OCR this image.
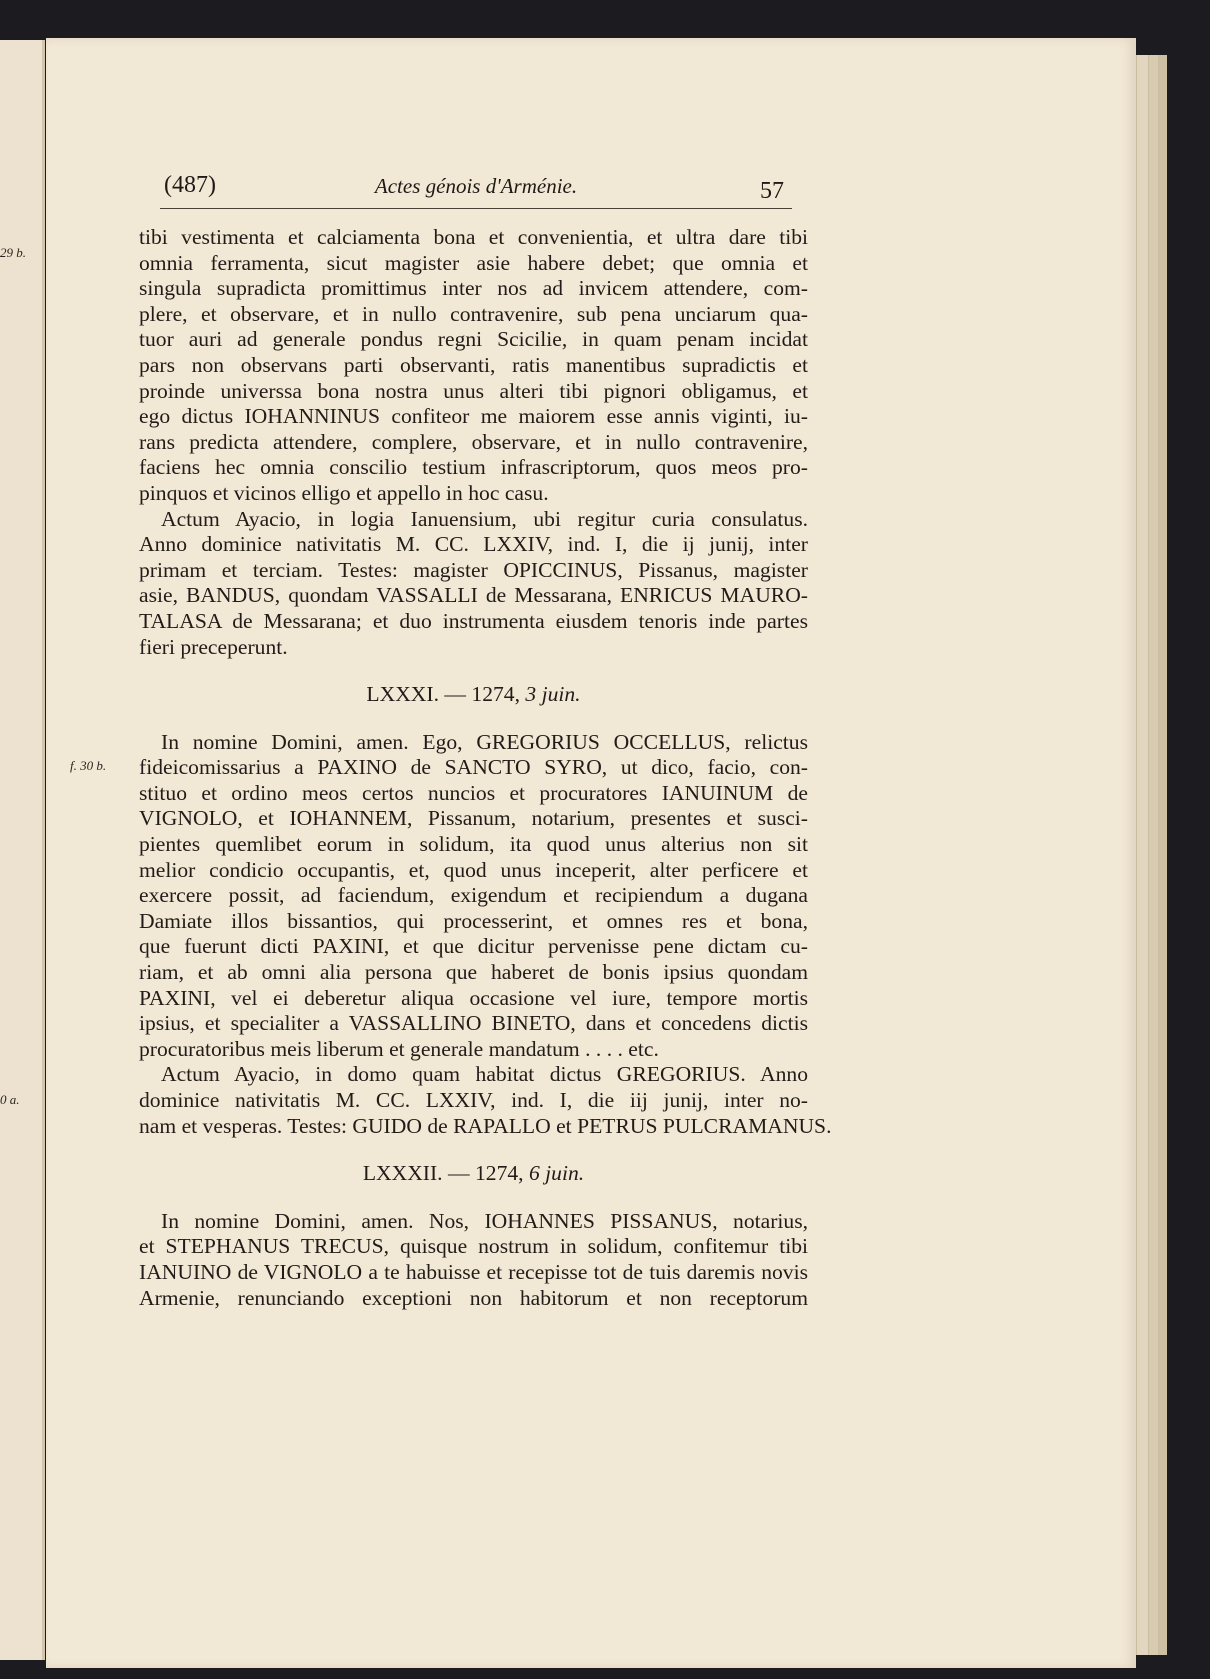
29 b.
0 a.
(487)	Actes génois d'Arménie.	57
f. 30 b.
tibi vestimenta et calciamenta bona et convenientia, et ultra dare tibi
omnia ferramenta, sicut magister asie habere debet; que omnia et
singula supradicta promittimus inter nos ad invicem attendere, com-
plere, et observare, et in nullo contravenire, sub pena unciarum qua-
tuor auri ad generale pondus regni Scicilie, in quam penam incidat
pars non observans parti observanti, ratis manentibus supradictis et
proinde universsa bona nostra unus alteri tibi pignori obligamus, et
ego dictus IOHANNINUS confiteor me maiorem esse annis viginti, iu-
rans predicta attendere, complere, observare, et in nullo contravenire,
faciens hec omnia conscilio testium infrascriptorum, quos meos pro-
pinquos et vicinos elligo et appello in hoc casu.
Actum Ayacio, in logia Ianuensium, ubi regitur curia consulatus.
Anno dominice nativitatis M. CC. LXXIV, ind. I, die ij junij, inter
primam et terciam. Testes: magister OPICCINUS, Pissanus, magister
asie, BANDUS, quondam VASSALLI de Messarana, ENRICUS MAURO-
TALASA de Messarana; et duo instrumenta eiusdem tenoris inde partes
fieri preceperunt.
LXXXI. — 1274, 3 juin.
In nomine Domini, amen. Ego, GREGORIUS OCCELLUS, relictus
fideicomissarius a PAXINO de SANCTO SYRO, ut dico, facio, con-
stituo et ordino meos certos nuncios et procuratores IANUINUM de
VIGNOLO, et IOHANNEM, Pissanum, notarium, presentes et susci-
pientes quemlibet eorum in solidum, ita quod unus alterius non sit
melior condicio occupantis, et, quod unus inceperit, alter perficere et
exercere possit, ad faciendum, exigendum et recipiendum a dugana
Damiate illos bissantios, qui processerint, et omnes res et bona,
que fuerunt dicti PAXINI, et que dicitur pervenisse pene dictam cu-
riam, et ab omni alia persona que haberet de bonis ipsius quondam
PAXINI, vel ei deberetur aliqua occasione vel iure, tempore mortis
ipsius, et specialiter a VASSALLINO BINETO, dans et concedens dictis
procuratoribus meis liberum et generale mandatum . . . . etc.
Actum Ayacio, in domo quam habitat dictus GREGORIUS. Anno
dominice nativitatis M. CC. LXXIV, ind. I, die iij junij, inter no-
nam et vesperas. Testes: GUIDO de RAPALLO et PETRUS PULCRAMANUS.
LXXXII. — 1274, 6 juin.
In nomine Domini, amen. Nos, IOHANNES PISSANUS, notarius,
et STEPHANUS TRECUS, quisque nostrum in solidum, confitemur tibi
IANUINO de VIGNOLO a te habuisse et recepisse tot de tuis daremis novis
Armenie, renunciando exceptioni non habitorum et non receptorum
